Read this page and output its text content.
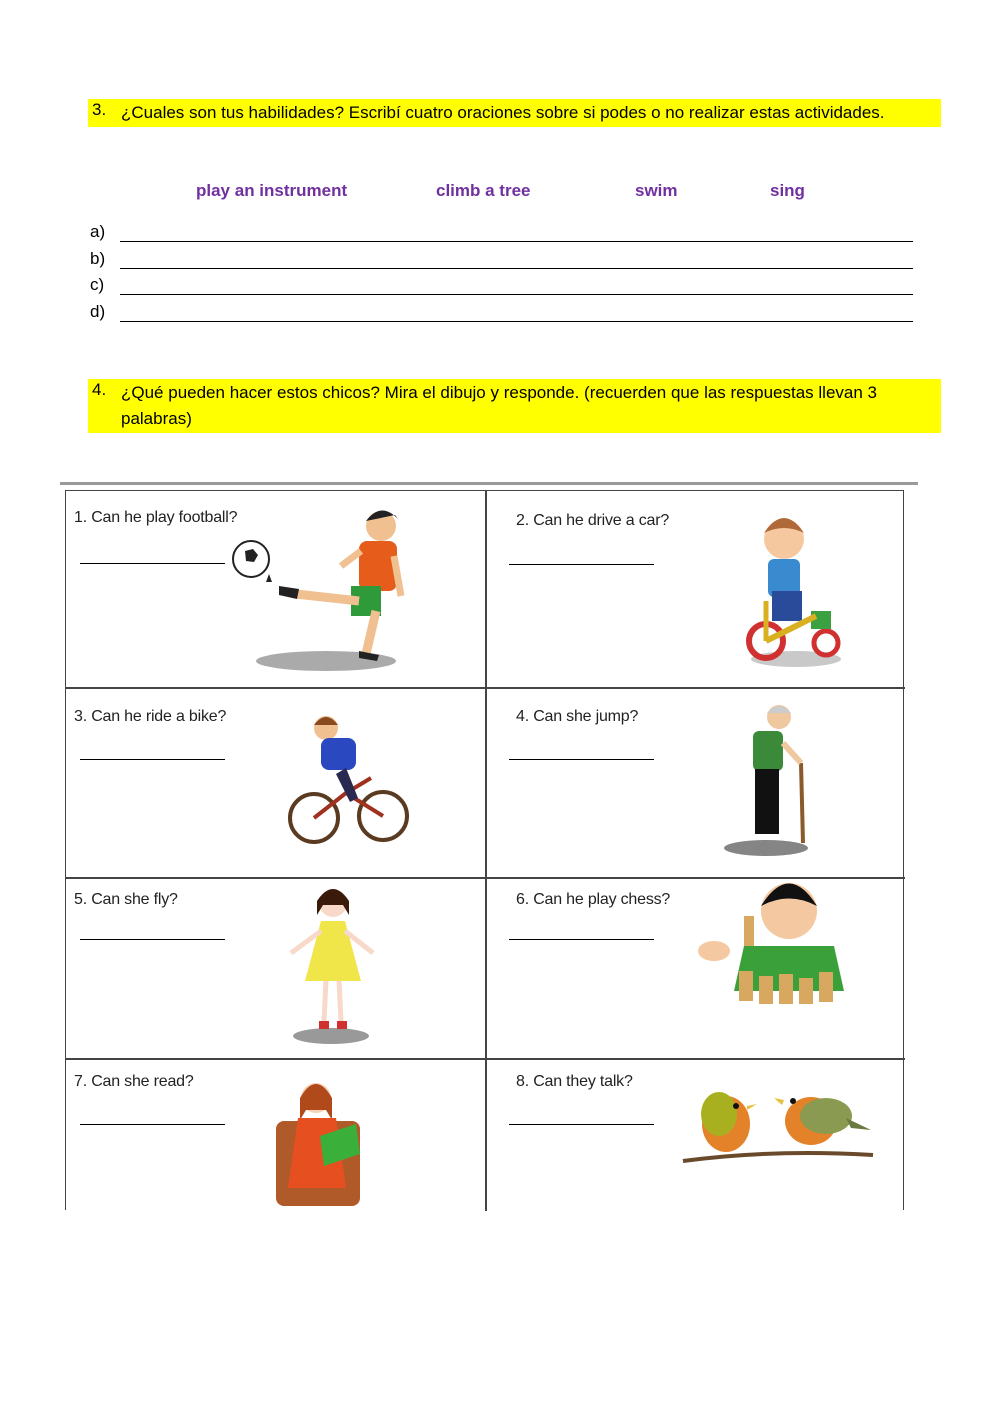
3. ¿Cuales son tus habilidades? Escribí cuatro oraciones sobre si podes o no realizar estas actividades.
play an instrument	climb a tree	swim	sing
a)
b)
c)
d)
4. ¿Qué pueden hacer estos chicos? Mira el dibujo y responde. (recuerden que las respuestas llevan 3 palabras)
1. Can he play football?	2. Can he drive a car?
3. Can he ride a bike?	4. Can she jump?
5. Can she fly?	6. Can he play chess?
7. Can she read?	8. Can they talk?
